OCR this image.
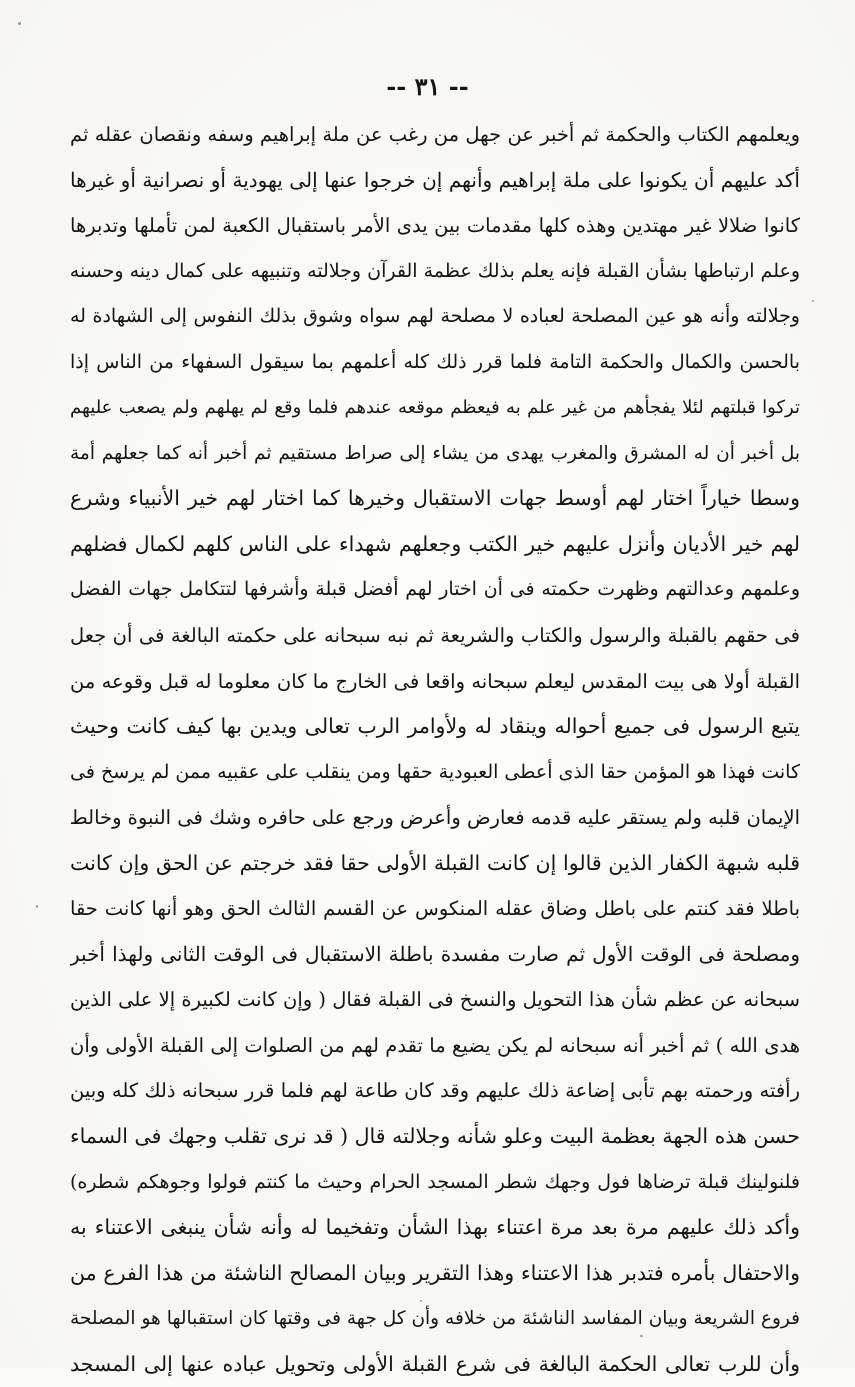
-- ٣١ --
ويعلمهم الكتاب والحكمة ثم أخبر عن جهل من رغب عن ملة إبراهيم وسفه ونقصان عقله ثم
أكد عليهم أن يكونوا على ملة إبراهيم وأنهم إن خرجوا عنها إلى يهودية أو نصرانية أو غيرها
كانوا ضلالا غير مهتدين وهذه كلها مقدمات بين يدى الأمر باستقبال الكعبة لمن تأملها وتدبرها
وعلم ارتباطها بشأن القبلة فإنه يعلم بذلك عظمة القرآن وجلالته وتنبيهه على كمال دينه وحسنه
وجلالته وأنه هو عين المصلحة لعباده لا مصلحة لهم سواه وشوق بذلك النفوس إلى الشهادة له
بالحسن والكمال والحكمة التامة فلما قرر ذلك كله أعلمهم بما سيقول السفهاء من الناس إذا
تركوا قبلتهم لئلا يفجأهم من غير علم به فيعظم موقعه عندهم فلما وقع لم يهلهم ولم يصعب عليهم
بل أخبر أن له المشرق والمغرب يهدى من يشاء إلى صراط مستقيم ثم أخبر أنه كما جعلهم أمة
وسطا خياراً اختار لهم أوسط جهات الاستقبال وخيرها كما اختار لهم خير الأنبياء وشرع
لهم خير الأديان وأنزل عليهم خير الكتب وجعلهم شهداء على الناس كلهم لكمال فضلهم
وعلمهم وعدالتهم وظهرت حكمته فى أن اختار لهم أفضل قبلة وأشرفها لتتكامل جهات الفضل
فى حقهم بالقبلة والرسول والكتاب والشريعة ثم نبه سبحانه على حكمته البالغة فى أن جعل
القبلة أولا هى بيت المقدس ليعلم سبحانه واقعا فى الخارج ما كان معلوما له قبل وقوعه من
يتبع الرسول فى جميع أحواله وينقاد له ولأوامر الرب تعالى ويدين بها كيف كانت وحيث
كانت فهذا هو المؤمن حقا الذى أعطى العبودية حقها ومن ينقلب على عقبيه ممن لم يرسخ فى
الإيمان قلبه ولم يستقر عليه قدمه فعارض وأعرض ورجع على حافره وشك فى النبوة وخالط
قلبه شبهة الكفار الذين قالوا إن كانت القبلة الأولى حقا فقد خرجتم عن الحق وإن كانت
باطلا فقد كنتم على باطل وضاق عقله المنكوس عن القسم الثالث الحق وهو أنها كانت حقا
ومصلحة فى الوقت الأول ثم صارت مفسدة باطلة الاستقبال فى الوقت الثانى ولهذا أخبر
سبحانه عن عظم شأن هذا التحويل والنسخ فى القبلة فقال ( وإن كانت لكبيرة إلا على الذين
هدى الله ) ثم أخبر أنه سبحانه لم يكن يضيع ما تقدم لهم من الصلوات إلى القبلة الأولى وأن
رأفته ورحمته بهم تأبى إضاعة ذلك عليهم وقد كان طاعة لهم فلما قرر سبحانه ذلك كله وبين
حسن هذه الجهة بعظمة البيت وعلو شأنه وجلالته قال ( قد نرى تقلب وجهك فى السماء
فلنولينك قبلة ترضاها فول وجهك شطر المسجد الحرام وحيث ما كنتم فولوا وجوهكم شطره)
وأكد ذلك عليهم مرة بعد مرة اعتناء بهذا الشأن وتفخيما له وأنه شأن ينبغى الاعتناء به
والاحتفال بأمره فتدبر هذا الاعتناء وهذا التقرير وبيان المصالح الناشئة من هذا الفرع من
فروع الشريعة وبيان المفاسد الناشئة من خلافه وأن كل جهة فى وقتها كان استقبالها هو المصلحة
وأن للرب تعالى الحكمة البالغة فى شرع القبلة الأولى وتحويل عباده عنها إلى المسجد
